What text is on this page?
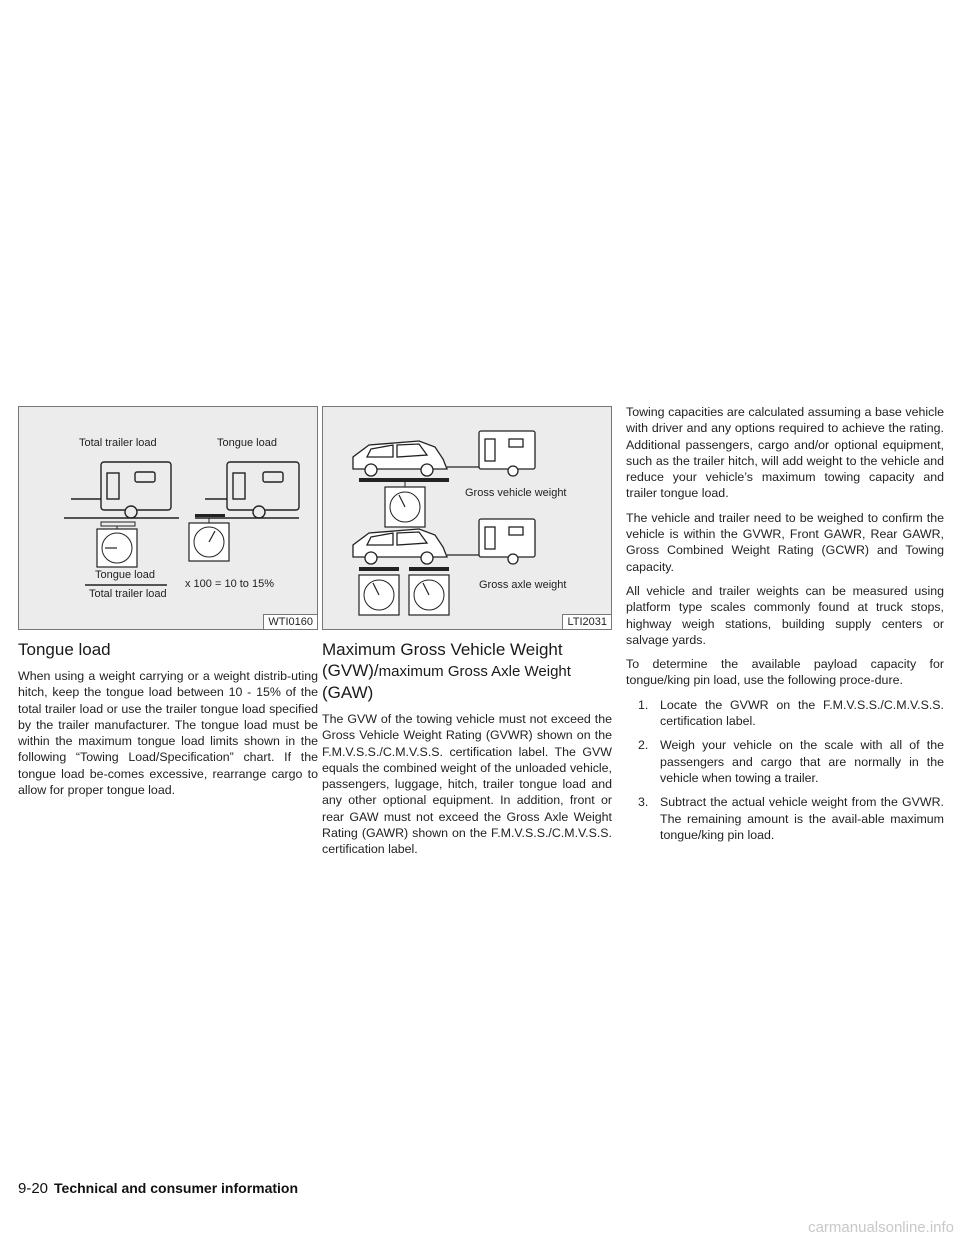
Total trailer load	Tongue load
Tongue load
Total trailer load
x 100 = 10 to 15%
WTI0160
Tongue load

When using a weight carrying or a weight distrib-uting hitch, keep the tongue load between 10 - 15% of the total trailer load or use the trailer tongue load specified by the trailer manufacturer. The tongue load must be within the maximum tongue load limits shown in the following “Towing Load/Specification” chart. If the tongue load be-comes excessive, rearrange cargo to allow for proper tongue load.

Gross vehicle weight
Gross axle weight
LTI2031
Maximum Gross Vehicle Weight (GVW)/maximum Gross Axle Weight (GAW)

The GVW of the towing vehicle must not exceed the Gross Vehicle Weight Rating (GVWR) shown on the F.M.V.S.S./C.M.V.S.S. certification label. The GVW equals the combined weight of the unloaded vehicle, passengers, luggage, hitch, trailer tongue load and any other optional equipment. In addition, front or rear GAW must not exceed the Gross Axle Weight Rating (GAWR) shown on the F.M.V.S.S./C.M.V.S.S. certification label.

Towing capacities are calculated assuming a base vehicle with driver and any options required to achieve the rating. Additional passengers, cargo and/or optional equipment, such as the trailer hitch, will add weight to the vehicle and reduce your vehicle’s maximum towing capacity and trailer tongue load.

The vehicle and trailer need to be weighed to confirm the vehicle is within the GVWR, Front GAWR, Rear GAWR, Gross Combined Weight Rating (GCWR) and Towing capacity.

All vehicle and trailer weights can be measured using platform type scales commonly found at truck stops, highway weigh stations, building supply centers or salvage yards.

To determine the available payload capacity for tongue/king pin load, use the following proce-dure.

1. Locate the GVWR on the F.M.V.S.S./C.M.V.S.S. certification label.
2. Weigh your vehicle on the scale with all of the passengers and cargo that are normally in the vehicle when towing a trailer.
3. Subtract the actual vehicle weight from the GVWR. The remaining amount is the avail-able maximum tongue/king pin load.
9-20 Technical and consumer information
carmanualsonline.info
